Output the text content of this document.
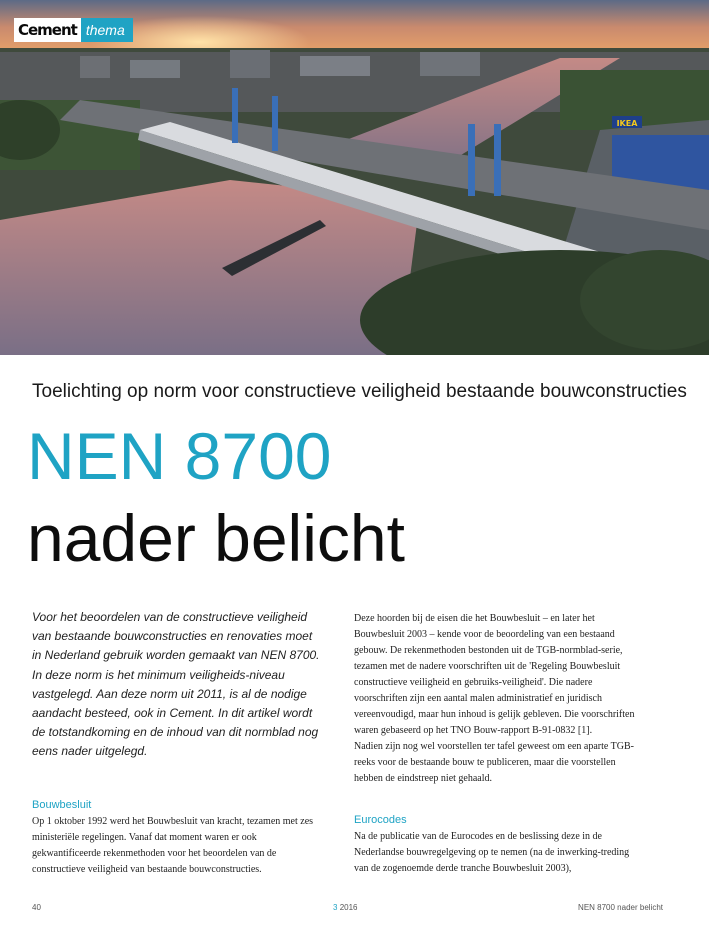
IKEA
Cement thema
Toelichting op norm voor constructieve veiligheid bestaande bouwconstructies
NEN 8700
nader belicht

Voor het beoordelen van de constructieve veiligheid van bestaande bouwconstructies en renovaties moet in Nederland gebruik worden gemaakt van NEN 8700. In deze norm is het minimum veiligheids-niveau vastgelegd. Aan deze norm uit 2011, is al de nodige aandacht besteed, ook in Cement. In dit artikel wordt de totstandkoming en de inhoud van dit normblad nog eens nader uitgelegd.

Bouwbesluit

Op 1 oktober 1992 werd het Bouwbesluit van kracht, tezamen met zes ministeriële regelingen. Vanaf dat moment waren er ook gekwantificeerde rekenmethoden voor het beoordelen van de constructieve veiligheid van bestaande bouwconstructies.

Deze hoorden bij de eisen die het Bouwbesluit – en later het Bouwbesluit 2003 – kende voor de beoordeling van een bestaand gebouw. De rekenmethoden bestonden uit de TGB-normblad-serie, tezamen met de nadere voorschriften uit de 'Regeling Bouwbesluit constructieve veiligheid en gebruiks-veiligheid'. Die nadere voorschriften zijn een aantal malen administratief en juridisch vereenvoudigd, maar hun inhoud is gelijk gebleven. Die voorschriften waren gebaseerd op het TNO Bouw-rapport B-91-0832 [1].

Nadien zijn nog wel voorstellen ter tafel geweest om een aparte TGB-reeks voor de bestaande bouw te publiceren, maar die voorstellen hebben de eindstreep niet gehaald.

Eurocodes

Na de publicatie van de Eurocodes en de beslissing deze in de Nederlandse bouwregelgeving op te nemen (na de inwerking-treding van de zogenoemde derde tranche Bouwbesluit 2003),

40	3 2016	NEN 8700 nader belicht
